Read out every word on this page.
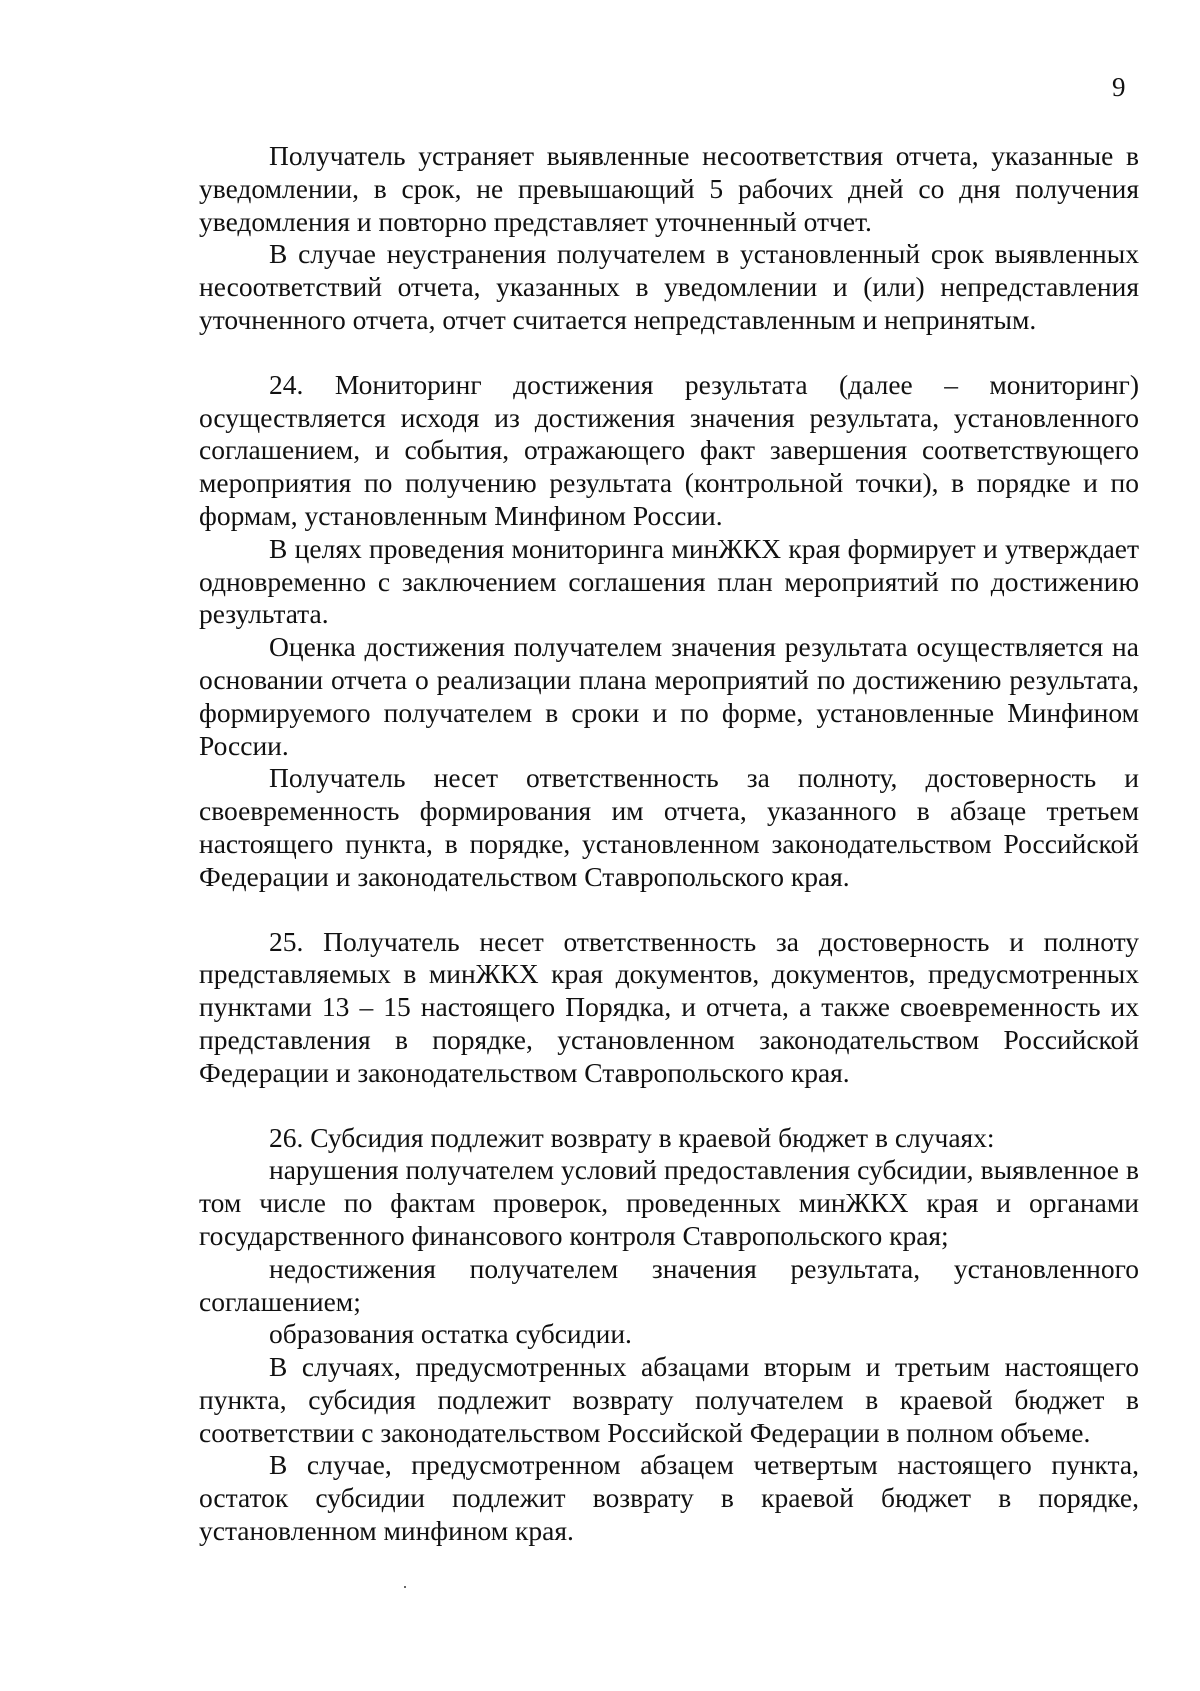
9

Получатель устраняет выявленные несоответствия отчета, указанные в уведомлении, в срок, не превышающий 5 рабочих дней со дня получения уведомления и повторно представляет уточненный отчет.

В случае неустранения получателем в установленный срок выявленных несоответствий отчета, указанных в уведомлении и (или) непредставления уточненного отчета, отчет считается непредставленным и непринятым.

24. Мониторинг достижения результата (далее – мониторинг) осуществляется исходя из достижения значения результата, установленного соглашением, и события, отражающего факт завершения соответствующего мероприятия по получению результата (контрольной точки), в порядке и по формам, установленным Минфином России.

В целях проведения мониторинга минЖКХ края формирует и утверждает одновременно с заключением соглашения план мероприятий по достижению результата.

Оценка достижения получателем значения результата осуществляется на основании отчета о реализации плана мероприятий по достижению результата, формируемого получателем в сроки и по форме, установленные Минфином России.

Получатель несет ответственность за полноту, достоверность и своевременность формирования им отчета, указанного в абзаце третьем настоящего пункта, в порядке, установленном законодательством Российской Федерации и законодательством Ставропольского края.

25. Получатель несет ответственность за достоверность и полноту представляемых в минЖКХ края документов, документов, предусмотренных пунктами 13 – 15 настоящего Порядка, и отчета, а также своевременность их представления в порядке, установленном законодательством Российской Федерации и законодательством Ставропольского края.

26. Субсидия подлежит возврату в краевой бюджет в случаях:

нарушения получателем условий предоставления субсидии, выявленное в том числе по фактам проверок, проведенных минЖКХ края и органами государственного финансового контроля Ставропольского края;

недостижения получателем значения результата, установленного соглашением;

образования остатка субсидии.

В случаях, предусмотренных абзацами вторым и третьим настоящего пункта, субсидия подлежит возврату получателем в краевой бюджет в соответствии с законодательством Российской Федерации в полном объеме.

В случае, предусмотренном абзацем четвертым настоящего пункта, остаток субсидии подлежит возврату в краевой бюджет в порядке, установленном минфином края.
